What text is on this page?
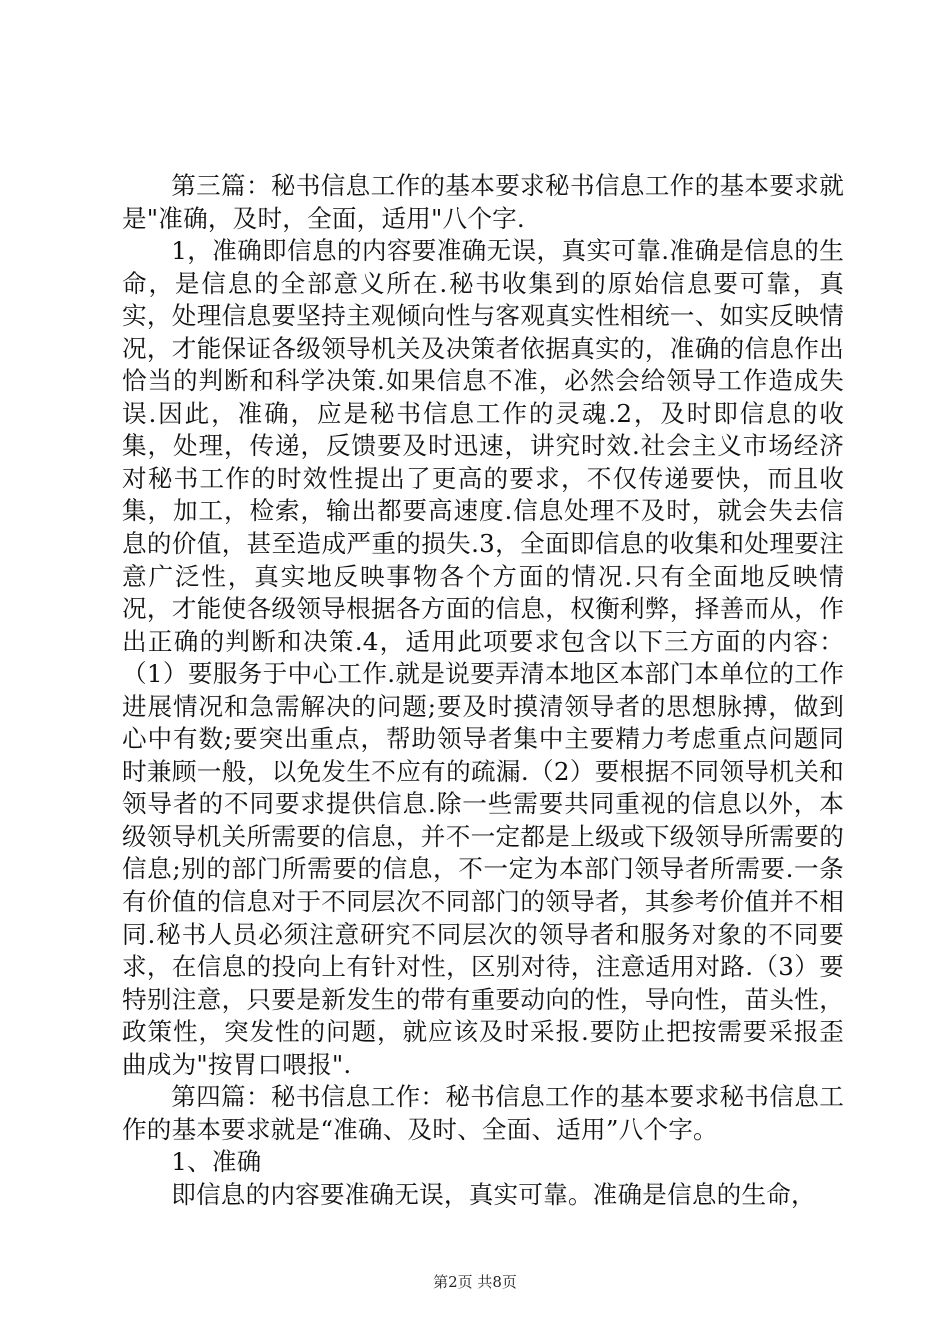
第三篇：秘书信息工作的基本要求秘书信息工作的基本要求就是"准确，及时，全面，适用"八个字.

1，准确即信息的内容要准确无误，真实可靠.准确是信息的生命，是信息的全部意义所在.秘书收集到的原始信息要可靠，真实，处理信息要坚持主观倾向性与客观真实性相统一、如实反映情况，才能保证各级领导机关及决策者依据真实的，准确的信息作出恰当的判断和科学决策.如果信息不准，必然会给领导工作造成失误.因此，准确，应是秘书信息工作的灵魂.2，及时即信息的收集，处理，传递，反馈要及时迅速，讲究时效.社会主义市场经济对秘书工作的时效性提出了更高的要求，不仅传递要快，而且收集，加工，检索，输出都要高速度.信息处理不及时，就会失去信息的价值，甚至造成严重的损失.3，全面即信息的收集和处理要注意广泛性，真实地反映事物各个方面的情况.只有全面地反映情况，才能使各级领导根据各方面的信息，权衡利弊，择善而从，作出正确的判断和决策.4，适用此项要求包含以下三方面的内容：（1）要服务于中心工作.就是说要弄清本地区本部门本单位的工作进展情况和急需解决的问题;要及时摸清领导者的思想脉搏，做到心中有数;要突出重点，帮助领导者集中主要精力考虑重点问题同时兼顾一般，以免发生不应有的疏漏.（2）要根据不同领导机关和领导者的不同要求提供信息.除一些需要共同重视的信息以外，本级领导机关所需要的信息，并不一定都是上级或下级领导所需要的信息;别的部门所需要的信息，不一定为本部门领导者所需要.一条有价值的信息对于不同层次不同部门的领导者，其参考价值并不相同.秘书人员必须注意研究不同层次的领导者和服务对象的不同要求，在信息的投向上有针对性，区别对待，注意适用对路.（3）要特别注意，只要是新发生的带有重要动向的性，导向性，苗头性，政策性，突发性的问题，就应该及时采报.要防止把按需要采报歪曲成为"按胃口喂报".

第四篇：秘书信息工作：秘书信息工作的基本要求秘书信息工作的基本要求就是“准确、及时、全面、适用”八个字。

1、准确

即信息的内容要准确无误，真实可靠。准确是信息的生命，

第2页 共8页
